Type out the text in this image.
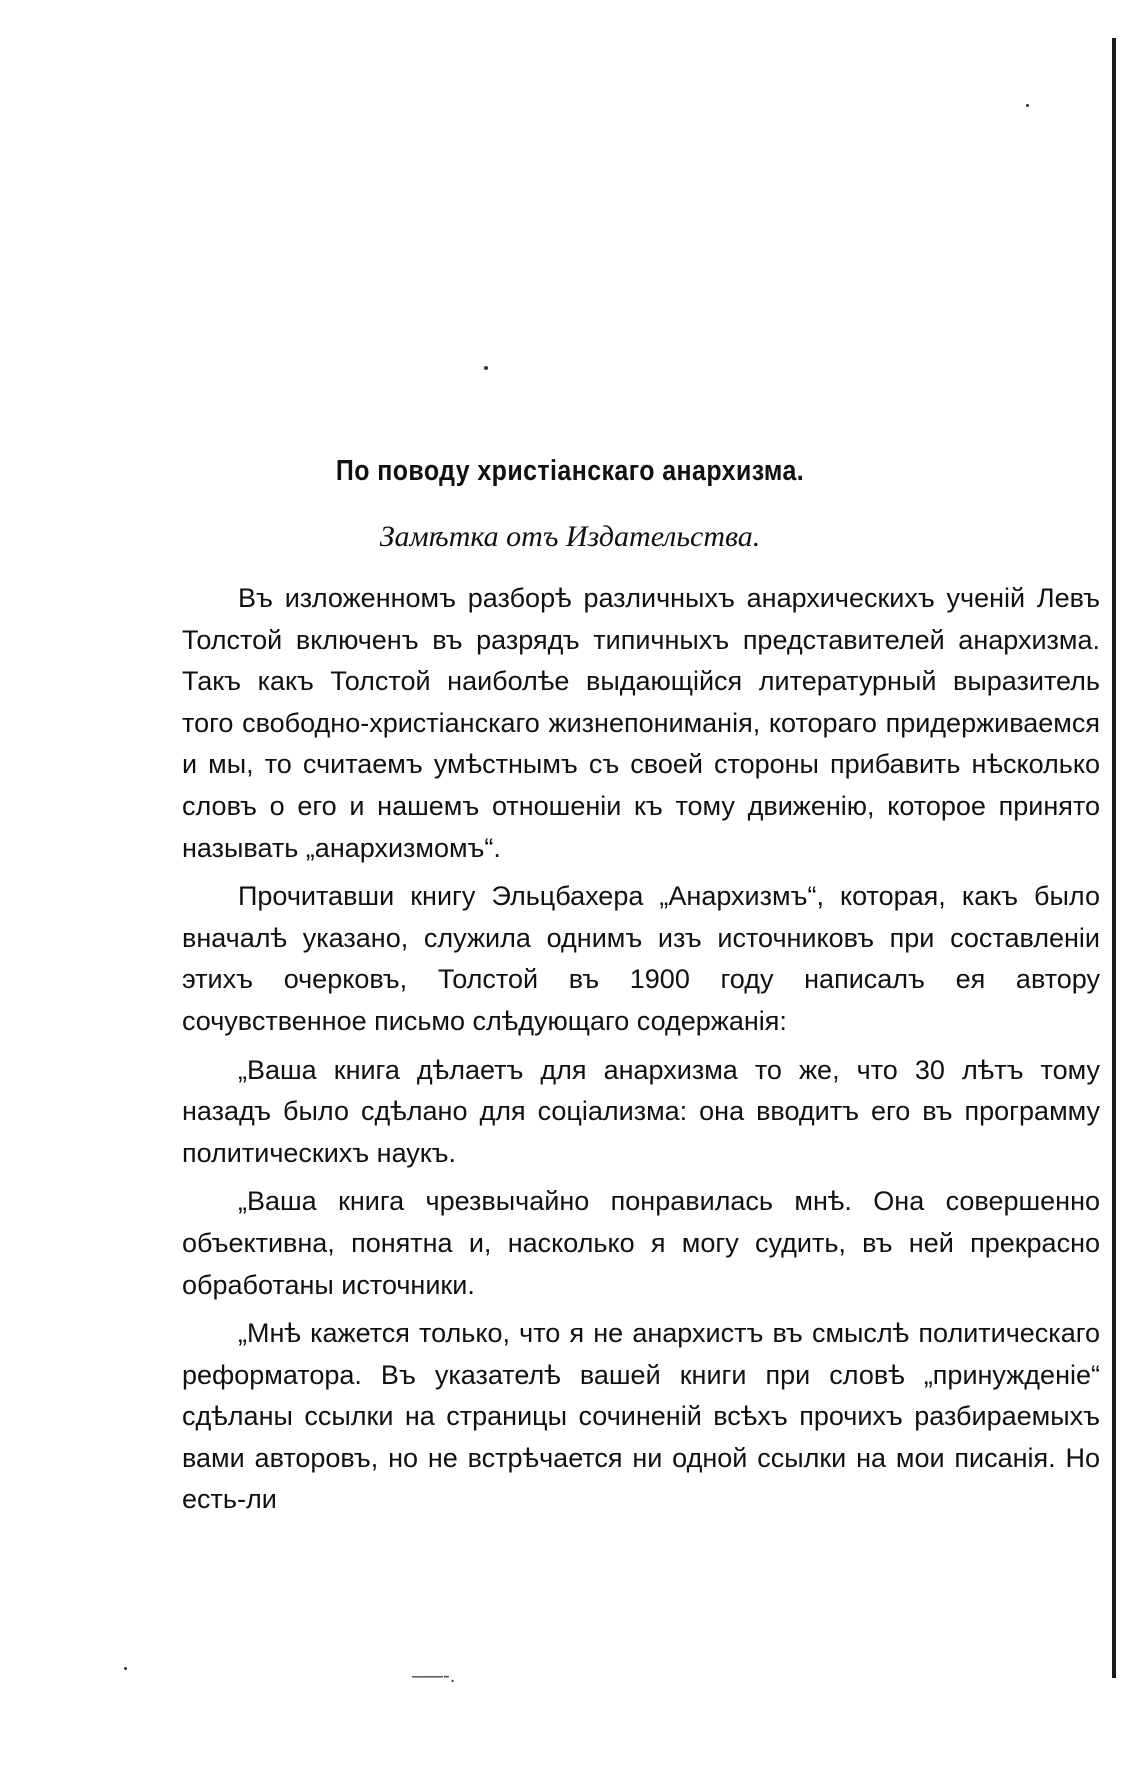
По поводу христіанскаго анархизма.
Замѣтка отъ Издательства.

Въ изложенномъ разборѣ различныхъ анархическихъ ученій Левъ Толстой включенъ въ разрядъ типичныхъ представителей анархизма. Такъ какъ Толстой наиболѣе выдающійся литературный выразитель того свободно-христіанскаго жизнепониманія, котораго придерживаемся и мы, то считаемъ умѣстнымъ съ своей стороны прибавить нѣсколько словъ о его и нашемъ отношеніи къ тому движенію, которое принято называть „анархизмомъ“.

Прочитавши книгу Эльцбахера „Анархизмъ“, которая, какъ было вначалѣ указано, служила однимъ изъ источниковъ при составленіи этихъ очерковъ, Толстой въ 1900 году написалъ ея автору сочувственное письмо слѣдующаго содержанія:

„Ваша книга дѣлаетъ для анархизма то же, что 30 лѣтъ тому назадъ было сдѣлано для соціализма: она вводитъ его въ программу политическихъ наукъ.

„Ваша книга чрезвычайно понравилась мнѣ. Она совершенно объективна, понятна и, насколько я могу судить, въ ней прекрасно обработаны источники.

„Мнѣ кажется только, что я не анархистъ въ смыслѣ политическаго реформатора. Въ указателѣ вашей книги при словѣ „принужденіе“ сдѣланы ссылки на страницы сочиненій всѣхъ прочихъ разбираемыхъ вами авторовъ, но не встрѣчается ни одной ссылки на мои писанія. Но есть-ли

–—-.
